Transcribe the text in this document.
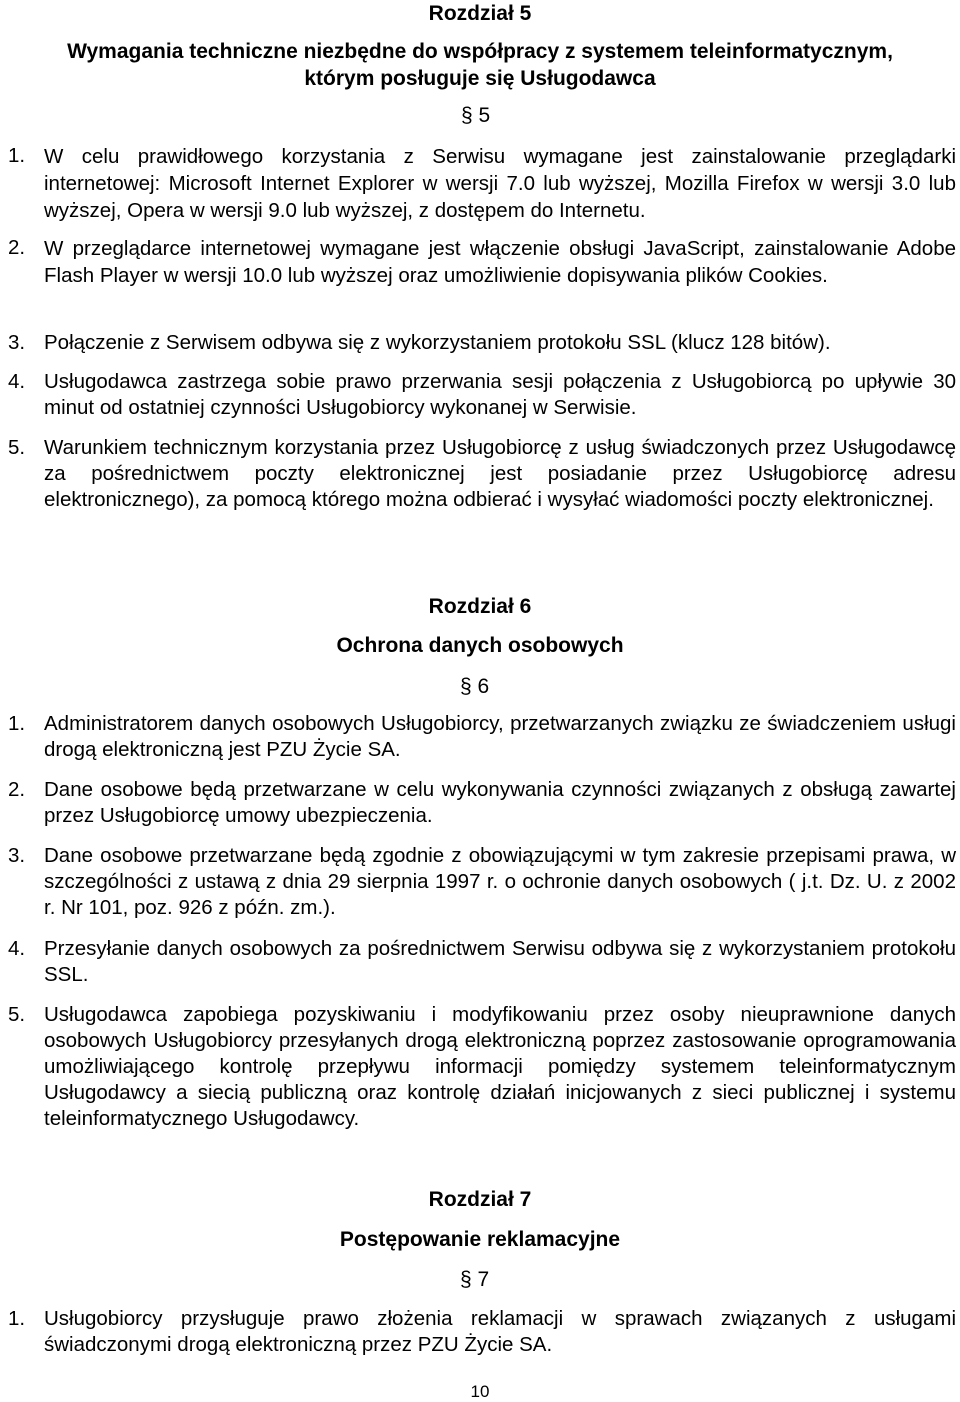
Rozdział 5
Wymagania techniczne niezbędne do współpracy z systemem teleinformatycznym, którym posługuje się Usługodawca
§ 5
1. W celu prawidłowego korzystania z Serwisu wymagane jest zainstalowanie przeglądarki internetowej: Microsoft Internet Explorer w wersji 7.0 lub wyższej, Mozilla Firefox w wersji 3.0 lub wyższej, Opera w wersji 9.0 lub wyższej, z dostępem do Internetu.
2. W przeglądarce internetowej wymagane jest włączenie obsługi JavaScript, zainstalowanie Adobe Flash Player w wersji 10.0 lub wyższej oraz umożliwienie dopisywania plików Cookies.
3. Połączenie z Serwisem odbywa się z wykorzystaniem protokołu SSL (klucz 128 bitów).
4. Usługodawca zastrzega sobie prawo przerwania sesji połączenia z Usługobiorcą po upływie 30 minut od ostatniej czynności Usługobiorcy wykonanej w Serwisie.
5. Warunkiem technicznym korzystania przez Usługobiorcę z usług świadczonych przez Usługodawcę za pośrednictwem poczty elektronicznej jest posiadanie przez Usługobiorcę adresu elektronicznego), za pomocą którego można odbierać i wysyłać wiadomości poczty elektronicznej.
Rozdział 6
Ochrona danych osobowych
§ 6
1. Administratorem danych osobowych Usługobiorcy, przetwarzanych związku ze świadczeniem usługi drogą elektroniczną jest PZU Życie SA.
2. Dane osobowe będą przetwarzane w celu wykonywania czynności związanych z obsługą zawartej przez Usługobiorcę umowy ubezpieczenia.
3. Dane osobowe przetwarzane będą zgodnie z obowiązującymi w tym zakresie przepisami prawa, w szczególności z ustawą z dnia 29 sierpnia 1997 r. o ochronie danych osobowych ( j.t. Dz. U. z 2002 r. Nr 101, poz. 926 z późn. zm.).
4. Przesyłanie danych osobowych za pośrednictwem Serwisu odbywa się z wykorzystaniem protokołu SSL.
5. Usługodawca zapobiega pozyskiwaniu i modyfikowaniu przez osoby nieuprawnione danych osobowych Usługobiorcy przesyłanych drogą elektroniczną poprzez zastosowanie oprogramowania umożliwiającego kontrolę przepływu informacji pomiędzy systemem teleinformatycznym Usługodawcy a siecią publiczną oraz kontrolę działań inicjowanych z sieci publicznej i systemu teleinformatycznego Usługodawcy.
Rozdział 7
Postępowanie reklamacyjne
§ 7
1. Usługobiorcy przysługuje prawo złożenia reklamacji w sprawach związanych z usługami świadczonymi drogą elektroniczną przez PZU Życie SA.
10
